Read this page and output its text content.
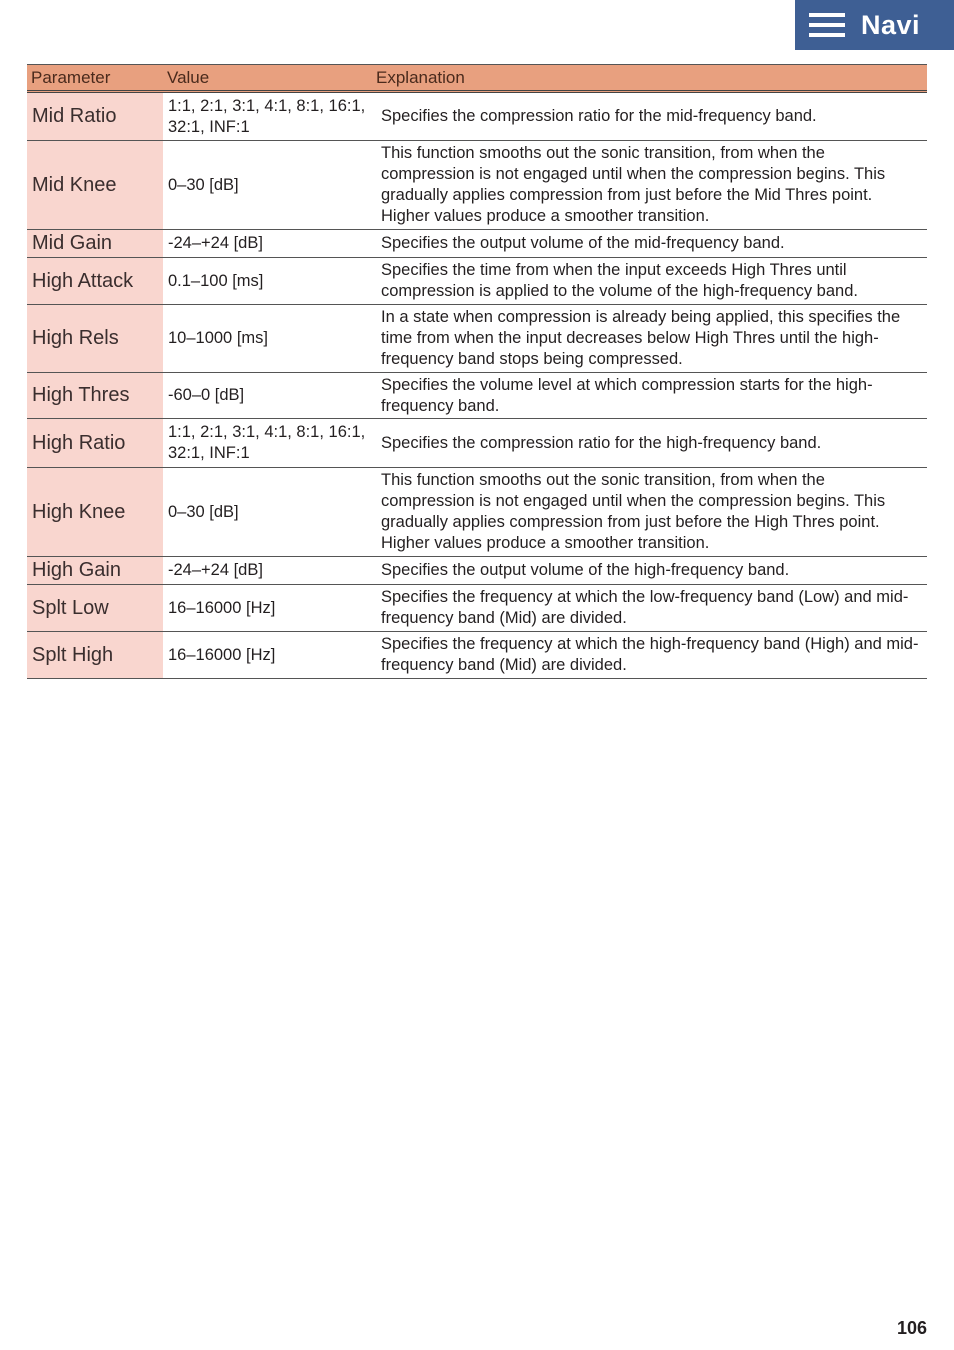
Navi
Parameter	Value	Explanation
Mid Ratio	1:1, 2:1, 3:1, 4:1, 8:1, 16:1, 32:1, INF:1	Specifies the compression ratio for the mid-frequency band.
Mid Knee	0–30 [dB]	This function smooths out the sonic transition, from when the compression is not engaged until when the compression begins. This gradually applies compression from just before the Mid Thres point. Higher values produce a smoother transition.
Mid Gain	-24–+24 [dB]	Specifies the output volume of the mid-frequency band.
High Attack	0.1–100 [ms]	Specifies the time from when the input exceeds High Thres until compression is applied to the volume of the high-frequency band.
High Rels	10–1000 [ms]	In a state when compression is already being applied, this specifies the time from when the input decreases below High Thres until the high-frequency band stops being compressed.
High Thres	-60–0 [dB]	Specifies the volume level at which compression starts for the high-frequency band.
High Ratio	1:1, 2:1, 3:1, 4:1, 8:1, 16:1, 32:1, INF:1	Specifies the compression ratio for the high-frequency band.
High Knee	0–30 [dB]	This function smooths out the sonic transition, from when the compression is not engaged until when the compression begins. This gradually applies compression from just before the High Thres point. Higher values produce a smoother transition.
High Gain	-24–+24 [dB]	Specifies the output volume of the high-frequency band.
Splt Low	16–16000 [Hz]	Specifies the frequency at which the low-frequency band (Low) and mid-frequency band (Mid) are divided.
Splt High	16–16000 [Hz]	Specifies the frequency at which the high-frequency band (High) and mid-frequency band (Mid) are divided.
106
